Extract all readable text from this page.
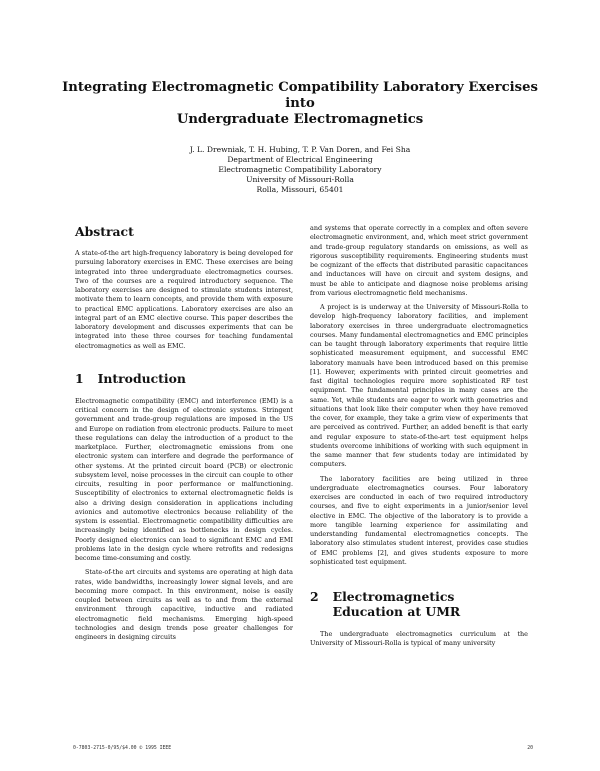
Integrating Electromagnetic Compatibility Laboratory Exercises into
Undergraduate Electromagnetics
J. L. Drewniak, T. H. Hubing, T. P. Van Doren, and Fei Sha
Department of Electrical Engineering
Electromagnetic Compatibility Laboratory
University of Missouri-Rolla
Rolla, Missouri, 65401
Abstract

A state-of-the art high-frequency laboratory is being developed for pursuing laboratory exercises in EMC. These exercises are being integrated into three undergraduate electromagnetics courses. Two of the courses are a required introductory sequence. The laboratory exercises are designed to stimulate students interest, motivate them to learn concepts, and provide them with exposure to practical EMC applications. Laboratory exercises are also an integral part of an EMC elective course. This paper describes the laboratory development and discusses experiments that can be integrated into these three courses for teaching fundamental electromagnetics as well as EMC.

1 Introduction

Electromagnetic compatibility (EMC) and interference (EMI) is a critical concern in the design of electronic systems. Stringent government and trade-group regulations are imposed in the US and Europe on radiation from electronic products. Failure to meet these regulations can delay the introduction of a product to the marketplace. Further, electromagnetic emissions from one electronic system can interfere and degrade the performance of other systems. At the printed circuit board (PCB) or electronic subsystem level, noise processes in the circuit can couple to other circuits, resulting in poor performance or malfunctioning. Susceptibility of electronics to external electromagnetic fields is also a driving design consideration in applications including avionics and automotive electronics because reliability of the system is essential. Electromagnetic compatibility difficulties are increasingly being identified as bottlenecks in design cycles. Poorly designed electronics can lead to significant EMC and EMI problems late in the design cycle where retrofits and redesigns become time-consuming and costly.

State-of-the art circuits and systems are operating at high data rates, wide bandwidths, increasingly lower signal levels, and are becoming more compact. In this environment, noise is easily coupled between circuits as well as to and from the external environment through capacitive, inductive and radiated electromagnetic field mechanisms. Emerging high-speed technologies and design trends pose greater challenges for engineers in designing circuits

and systems that operate correctly in a complex and often severe electromagnetic environment, and, which meet strict government and trade-group regulatory standards on emissions, as well as rigorous susceptibility requirements. Engineering students must be cognizant of the effects that distributed parasitic capacitances and inductances will have on circuit and system designs, and must be able to anticipate and diagnose noise problems arising from various electromagnetic field mechanisms.

A project is is underway at the University of Missouri-Rolla to develop high-frequency laboratory facilities, and implement laboratory exercises in three undergraduate electromagnetics courses. Many fundamental electromagnetics and EMC principles can be taught through laboratory experiments that require little sophisticated measurement equipment, and successful EMC laboratory manuals have been introduced based on this premise [1]. However, experiments with printed circuit geometries and fast digital technologies require more sophisticated RF test equipment. The fundamental principles in many cases are the same. Yet, while students are eager to work with geometries and situations that look like their computer when they have removed the cover, for example, they take a grim view of experiments that are perceived as contrived. Further, an added benefit is that early and regular exposure to state-of-the-art test equipment helps students overcome inhibitions of working with such equipment in the same manner that few students today are intimidated by computers.

The laboratory facilities are being utilized in three undergraduate electromagnetics courses. Four laboratory exercises are conducted in each of two required introductory courses, and five to eight experiments in a junior/senior level elective in EMC. The objective of the laboratory is to provide a more tangible learning experience for assimilating and understanding fundamental electromagnetics concepts. The laboratory also stimulates student interest, provides case studies of EMC problems [2], and gives students exposure to more sophisticated test equipment.

2 Electromagnetics Education at UMR

The undergraduate electromagnetics curriculum at the University of Missouri-Rolla is typical of many university

0-7803-2715-0/95/$4.00 © 1995 IEEE	20
